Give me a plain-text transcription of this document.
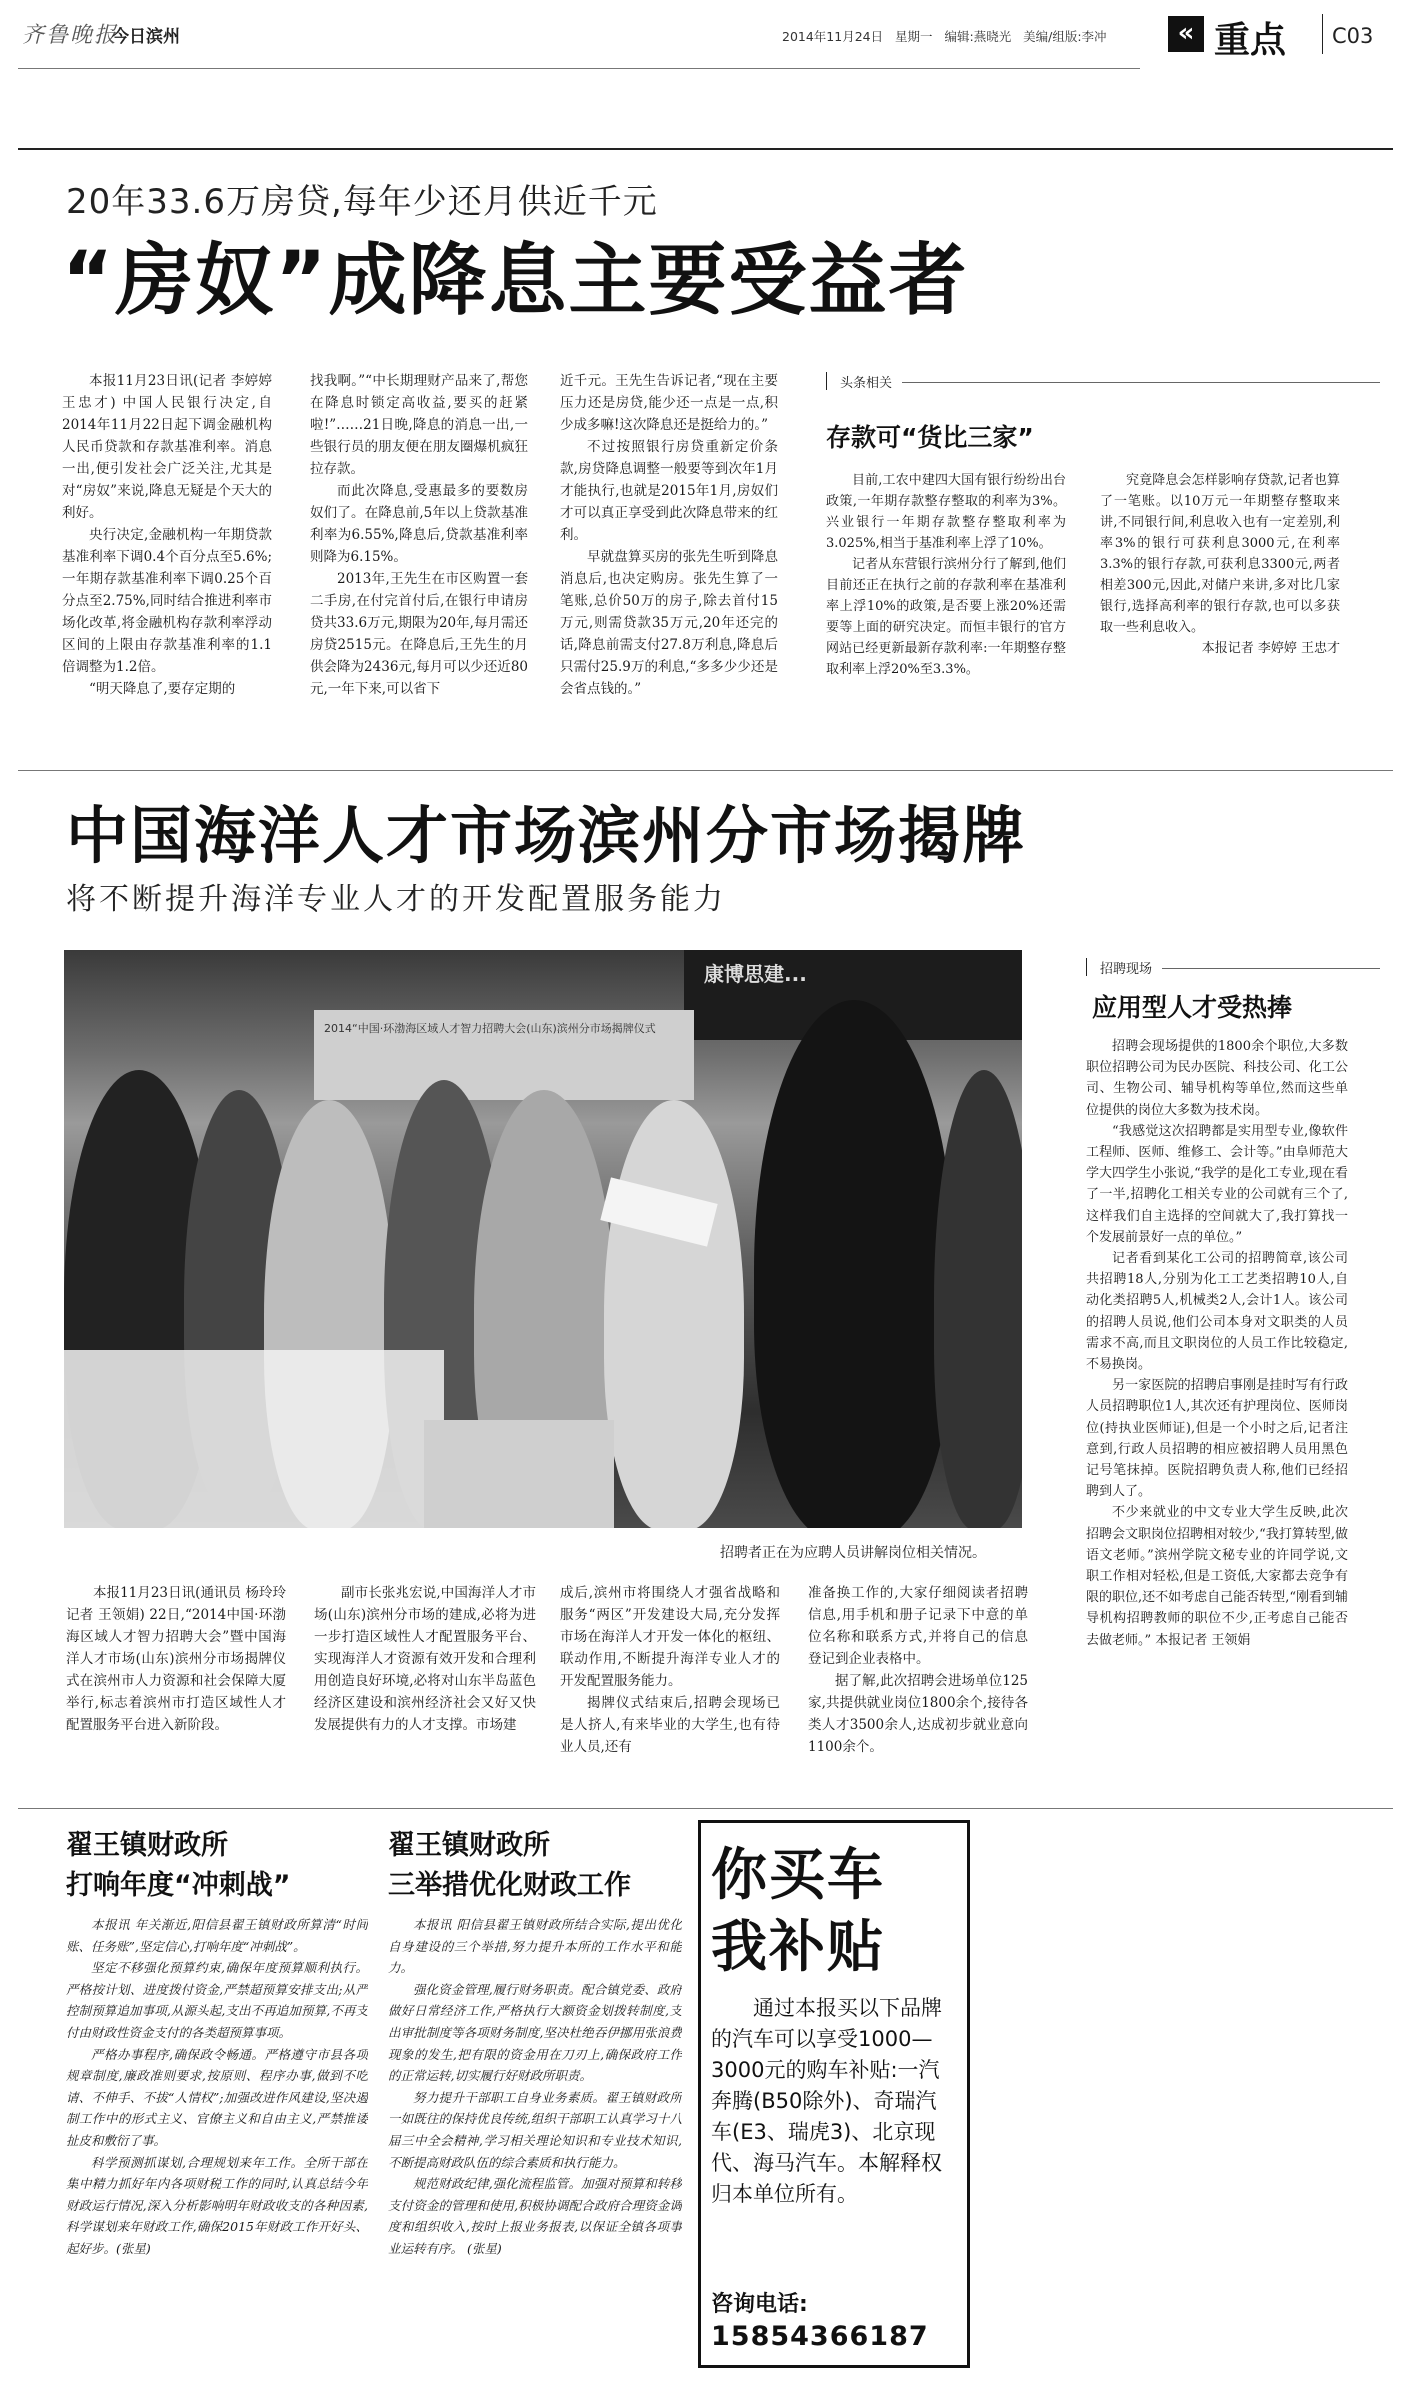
齐鲁晚报
今日滨州	2014年11月24日 星期一 编辑:燕晓光 美编/组版:李冲	« 重点 C03
20年33.6万房贷,每年少还月供近千元
“房奴”成降息主要受益者

本报11月23日讯(记者 李婷婷 王忠才) 中国人民银行决定,自2014年11月22日起下调金融机构人民币贷款和存款基准利率。消息一出,便引发社会广泛关注,尤其是对“房奴”来说,降息无疑是个天大的利好。

央行决定,金融机构一年期贷款基准利率下调0.4个百分点至5.6%;一年期存款基准利率下调0.25个百分点至2.75%,同时结合推进利率市场化改革,将金融机构存款利率浮动区间的上限由存款基准利率的1.1倍调整为1.2倍。

“明天降息了,要存定期的

找我啊。”“中长期理财产品来了,帮您在降息时锁定高收益,要买的赶紧啦!”……21日晚,降息的消息一出,一些银行员的朋友便在朋友圈爆机疯狂拉存款。

而此次降息,受惠最多的要数房奴们了。在降息前,5年以上贷款基准利率为6.55%,降息后,贷款基准利率则降为6.15%。

2013年,王先生在市区购置一套二手房,在付完首付后,在银行申请房贷共33.6万元,期限为20年,每月需还房贷2515元。在降息后,王先生的月供会降为2436元,每月可以少还近80元,一年下来,可以省下

近千元。王先生告诉记者,“现在主要压力还是房贷,能少还一点是一点,积少成多嘛!这次降息还是挺给力的。”

不过按照银行房贷重新定价条款,房贷降息调整一般要等到次年1月才能执行,也就是2015年1月,房奴们才可以真正享受到此次降息带来的红利。

早就盘算买房的张先生听到降息消息后,也决定购房。张先生算了一笔账,总价50万的房子,除去首付15万元,则需贷款35万元,20年还完的话,降息前需支付27.8万利息,降息后只需付25.9万的利息,“多多少少还是会省点钱的。”

头条相关
存款可“货比三家”

目前,工农中建四大国有银行纷纷出台政策,一年期存款整存整取的利率为3%。兴业银行一年期存款整存整取利率为3.025%,相当于基准利率上浮了10%。

记者从东营银行滨州分行了解到,他们目前还正在执行之前的存款利率在基准利率上浮10%的政策,是否要上涨20%还需要等上面的研究决定。而恒丰银行的官方网站已经更新最新存款利率:一年期整存整取利率上浮20%至3.3%。

究竟降息会怎样影响存贷款,记者也算了一笔账。以10万元一年期整存整取来讲,不同银行间,利息收入也有一定差别,利率3%的银行可获利息3000元,在利率3.3%的银行存款,可获利息3300元,两者相差300元,因此,对储户来讲,多对比几家银行,选择高利率的银行存款,也可以多获取一些利息收入。

本报记者 李婷婷 王忠才

中国海洋人才市场滨州分市场揭牌
将不断提升海洋专业人才的开发配置服务能力
康博思建...
2014“中国·环渤海区域人才智力招聘大会(山东)滨州分市场揭牌仪式
招聘者正在为应聘人员讲解岗位相关情况。

本报11月23日讯(通讯员 杨玲玲 记者 王领娟) 22日,“2014中国·环渤海区域人才智力招聘大会”暨中国海洋人才市场(山东)滨州分市场揭牌仪式在滨州市人力资源和社会保障大厦举行,标志着滨州市打造区域性人才配置服务平台进入新阶段。

副市长张兆宏说,中国海洋人才市场(山东)滨州分市场的建成,必将为进一步打造区域性人才配置服务平台、实现海洋人才资源有效开发和合理利用创造良好环境,必将对山东半岛蓝色经济区建设和滨州经济社会又好又快发展提供有力的人才支撑。市场建

成后,滨州市将围绕人才强省战略和服务“两区”开发建设大局,充分发挥市场在海洋人才开发一体化的枢纽、联动作用,不断提升海洋专业人才的开发配置服务能力。

揭牌仪式结束后,招聘会现场已是人挤人,有来毕业的大学生,也有待业人员,还有

准备换工作的,大家仔细阅读者招聘信息,用手机和册子记录下中意的单位名称和联系方式,并将自己的信息登记到企业表格中。

据了解,此次招聘会进场单位125家,共提供就业岗位1800余个,接待各类人才3500余人,达成初步就业意向1100余个。

招聘现场
应用型人才受热捧

招聘会现场提供的1800余个职位,大多数职位招聘公司为民办医院、科技公司、化工公司、生物公司、辅导机构等单位,然而这些单位提供的岗位大多数为技术岗。

“我感觉这次招聘都是实用型专业,像软件工程师、医师、维修工、会计等。”由阜师范大学大四学生小张说,“我学的是化工专业,现在看了一半,招聘化工相关专业的公司就有三个了,这样我们自主选择的空间就大了,我打算找一个发展前景好一点的单位。”

记者看到某化工公司的招聘简章,该公司共招聘18人,分别为化工工艺类招聘10人,自动化类招聘5人,机械类2人,会计1人。该公司的招聘人员说,他们公司本身对文职类的人员需求不高,而且文职岗位的人员工作比较稳定,不易换岗。

另一家医院的招聘启事刚是挂时写有行政人员招聘职位1人,其次还有护理岗位、医师岗位(持执业医师证),但是一个小时之后,记者注意到,行政人员招聘的相应被招聘人员用黑色记号笔抹掉。医院招聘负责人称,他们已经招聘到人了。

不少来就业的中文专业大学生反映,此次招聘会文职岗位招聘相对较少,“我打算转型,做语文老师。”滨州学院文秘专业的许同学说,文职工作相对轻松,但是工资低,大家都去竞争有限的职位,还不如考虑自己能否转型,“刚看到辅导机构招聘教师的职位不少,正考虑自己能否去做老师。” 本报记者 王领娟

翟王镇财政所
打响年度“冲刺战”

本报讯 年关渐近,阳信县翟王镇财政所算清“时间账、任务账”,坚定信心,打响年度“冲刺战”。

坚定不移强化预算约束,确保年度预算顺利执行。严格按计划、进度拨付资金,严禁超预算安排支出;从严控制预算追加事项,从源头起,支出不再追加预算,不再支付由财政性资金支付的各类超预算事项。

严格办事程序,确保政令畅通。严格遵守市县各项规章制度,廉政准则要求,按原则、程序办事,做到不吃请、不伸手、不拔“人情权”;加强改进作风建设,坚决遏制工作中的形式主义、官僚主义和自由主义,严禁推诿扯皮和敷衍了事。

科学预测抓谋划,合理规划来年工作。全所干部在集中精力抓好年内各项财税工作的同时,认真总结今年财政运行情况,深入分析影响明年财政收支的各种因素,科学谋划来年财政工作,确保2015年财政工作开好头、起好步。(张星)

翟王镇财政所
三举措优化财政工作

本报讯 阳信县翟王镇财政所结合实际,提出优化自身建设的三个举措,努力提升本所的工作水平和能力。

强化资金管理,履行财务职责。配合镇党委、政府做好日常经济工作,严格执行大额资金划拨转制度,支出审批制度等各项财务制度,坚决杜绝吞伊挪用张浪费现象的发生,把有限的资金用在刀刃上,确保政府工作的正常运转,切实履行好财政所职责。

努力提升干部职工自身业务素质。翟王镇财政所一如既往的保持优良传统,组织干部职工认真学习十八届三中全会精神,学习相关理论知识和专业技术知识,不断提高财政队伍的综合素质和执行能力。

规范财政纪律,强化流程监管。加强对预算和转移支付资金的管理和使用,积极协调配合政府合理资金调度和组织收入,按时上报业务报表,以保证全镇各项事业运转有序。 (张星)

你买车
我补贴
通过本报买以下品牌的汽车可以享受1000—3000元的购车补贴:一汽奔腾(B50除外)、奇瑞汽车(E3、瑞虎3)、北京现代、海马汽车。本解释权归本单位所有。
咨询电话:
15854366187
